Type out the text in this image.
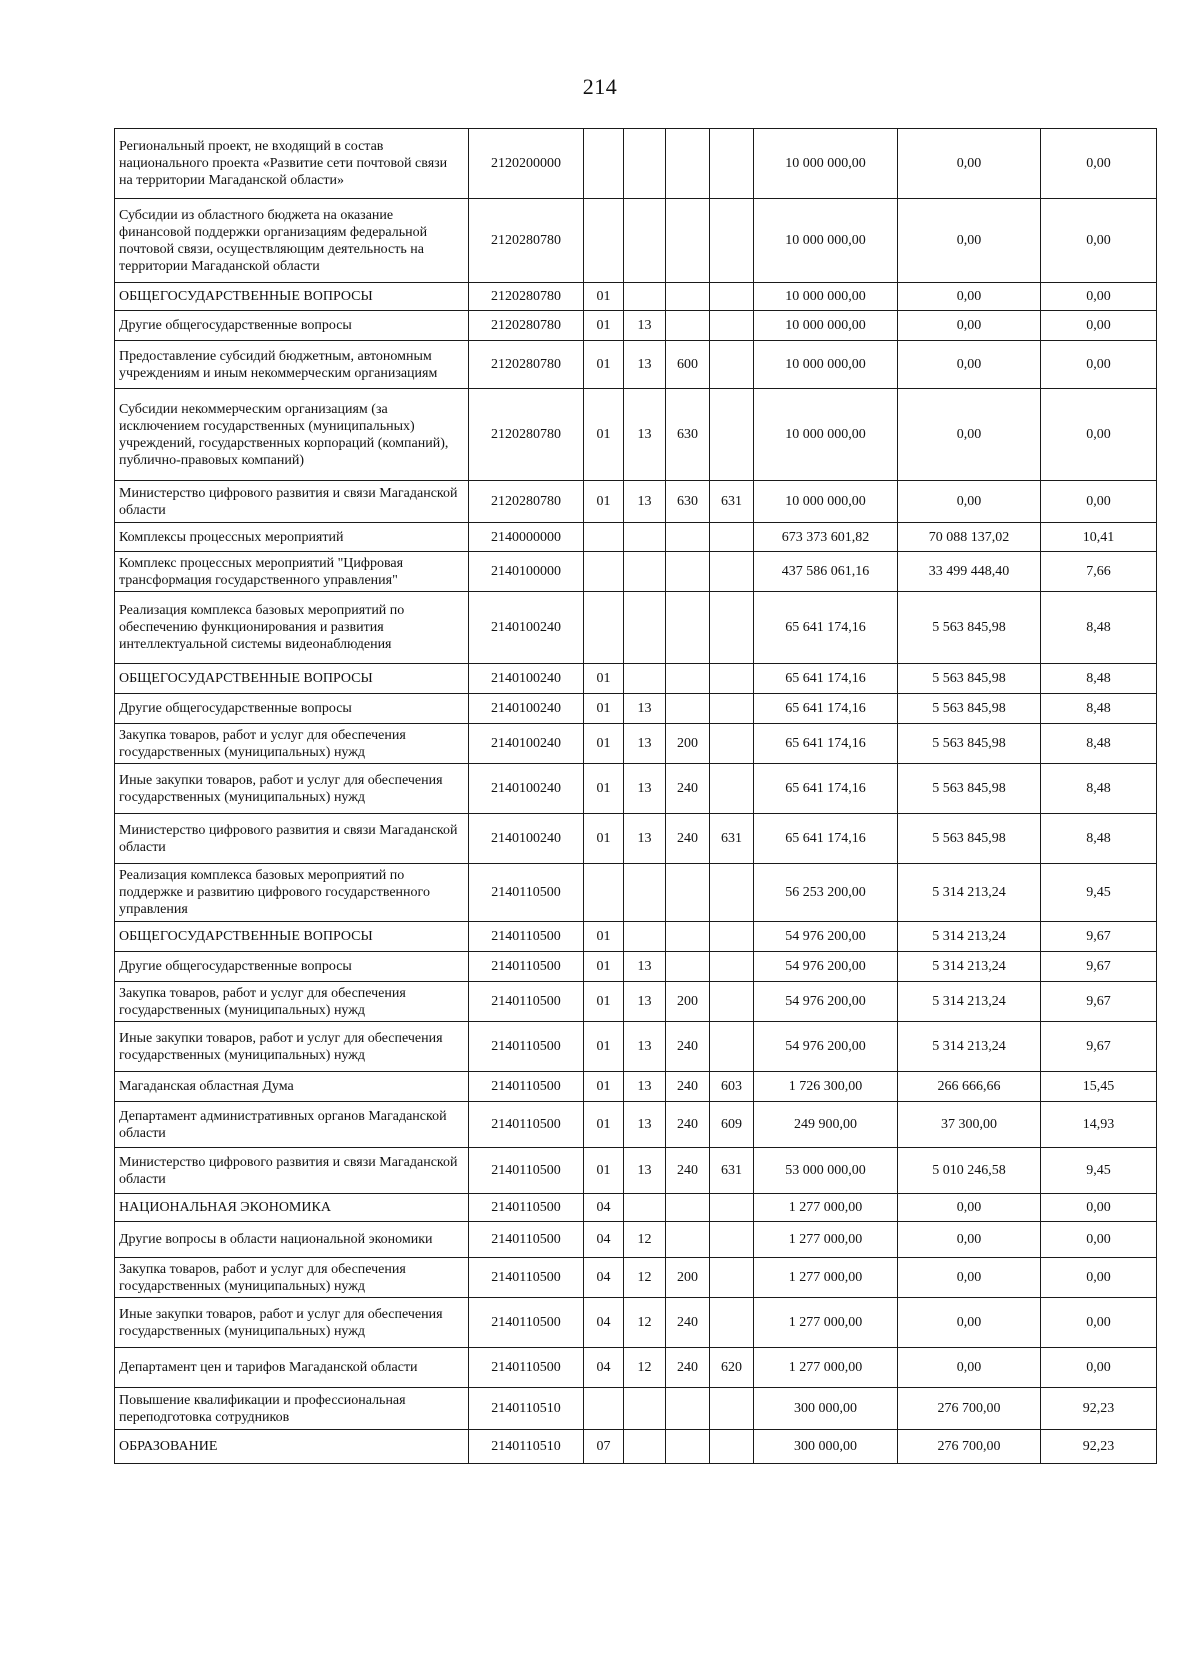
214
Региональный проект, не входящий в состав национального проекта «Развитие сети почтовой связи на территории Магаданской области»	2120200000					10 000 000,00	0,00	0,00
Субсидии из областного бюджета на оказание финансовой поддержки организациям федеральной почтовой связи, осуществляющим деятельность на территории Магаданской области	2120280780					10 000 000,00	0,00	0,00
ОБЩЕГОСУДАРСТВЕННЫЕ ВОПРОСЫ	2120280780	01				10 000 000,00	0,00	0,00
Другие общегосударственные вопросы	2120280780	01	13			10 000 000,00	0,00	0,00
Предоставление субсидий бюджетным, автономным учреждениям и иным некоммерческим организациям	2120280780	01	13	600		10 000 000,00	0,00	0,00
Субсидии некоммерческим организациям (за исключением государственных (муниципальных) учреждений, государственных корпораций (компаний), публично-правовых компаний)	2120280780	01	13	630		10 000 000,00	0,00	0,00
Министерство цифрового развития и связи Магаданской области	2120280780	01	13	630	631	10 000 000,00	0,00	0,00
Комплексы процессных мероприятий	2140000000					673 373 601,82	70 088 137,02	10,41
Комплекс процессных мероприятий "Цифровая трансформация государственного управления"	2140100000					437 586 061,16	33 499 448,40	7,66
Реализация комплекса базовых мероприятий по обеспечению функционирования и развития интеллектуальной системы видеонаблюдения	2140100240					65 641 174,16	5 563 845,98	8,48
ОБЩЕГОСУДАРСТВЕННЫЕ ВОПРОСЫ	2140100240	01				65 641 174,16	5 563 845,98	8,48
Другие общегосударственные вопросы	2140100240	01	13			65 641 174,16	5 563 845,98	8,48
Закупка товаров, работ и услуг для обеспечения государственных (муниципальных) нужд	2140100240	01	13	200		65 641 174,16	5 563 845,98	8,48
Иные закупки товаров, работ и услуг для обеспечения государственных (муниципальных) нужд	2140100240	01	13	240		65 641 174,16	5 563 845,98	8,48
Министерство цифрового развития и связи Магаданской области	2140100240	01	13	240	631	65 641 174,16	5 563 845,98	8,48
Реализация комплекса базовых мероприятий по поддержке и развитию цифрового государственного управления	2140110500					56 253 200,00	5 314 213,24	9,45
ОБЩЕГОСУДАРСТВЕННЫЕ ВОПРОСЫ	2140110500	01				54 976 200,00	5 314 213,24	9,67
Другие общегосударственные вопросы	2140110500	01	13			54 976 200,00	5 314 213,24	9,67
Закупка товаров, работ и услуг для обеспечения государственных (муниципальных) нужд	2140110500	01	13	200		54 976 200,00	5 314 213,24	9,67
Иные закупки товаров, работ и услуг для обеспечения государственных (муниципальных) нужд	2140110500	01	13	240		54 976 200,00	5 314 213,24	9,67
Магаданская областная Дума	2140110500	01	13	240	603	1 726 300,00	266 666,66	15,45
Департамент административных органов Магаданской области	2140110500	01	13	240	609	249 900,00	37 300,00	14,93
Министерство цифрового развития и связи Магаданской области	2140110500	01	13	240	631	53 000 000,00	5 010 246,58	9,45
НАЦИОНАЛЬНАЯ ЭКОНОМИКА	2140110500	04				1 277 000,00	0,00	0,00
Другие вопросы в области национальной экономики	2140110500	04	12			1 277 000,00	0,00	0,00
Закупка товаров, работ и услуг для обеспечения государственных (муниципальных) нужд	2140110500	04	12	200		1 277 000,00	0,00	0,00
Иные закупки товаров, работ и услуг для обеспечения государственных (муниципальных) нужд	2140110500	04	12	240		1 277 000,00	0,00	0,00
Департамент цен и тарифов Магаданской области	2140110500	04	12	240	620	1 277 000,00	0,00	0,00
Повышение квалификации и профессиональная переподготовка сотрудников	2140110510					300 000,00	276 700,00	92,23
ОБРАЗОВАНИЕ	2140110510	07				300 000,00	276 700,00	92,23
